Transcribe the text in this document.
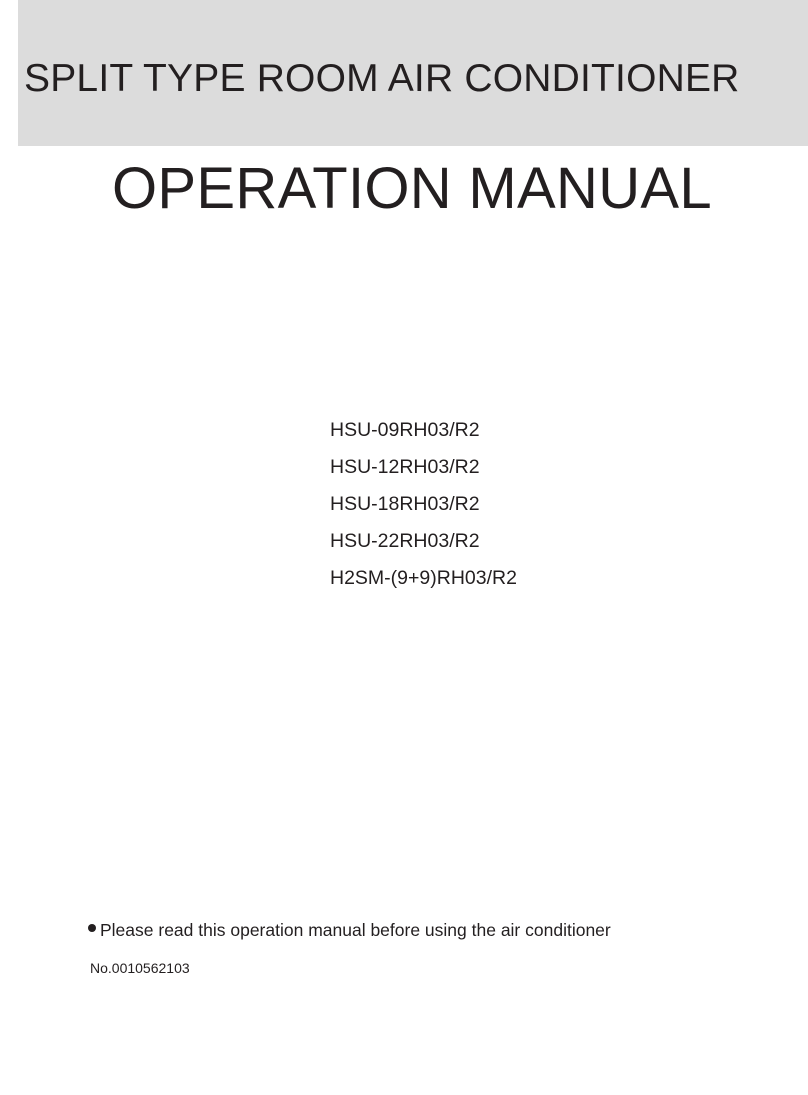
SPLIT TYPE ROOM AIR CONDITIONER
OPERATION MANUAL
HSU-09RH03/R2
HSU-12RH03/R2
HSU-18RH03/R2
HSU-22RH03/R2
H2SM-(9+9)RH03/R2
Please read this operation manual before using the air conditioner
No.0010562103
